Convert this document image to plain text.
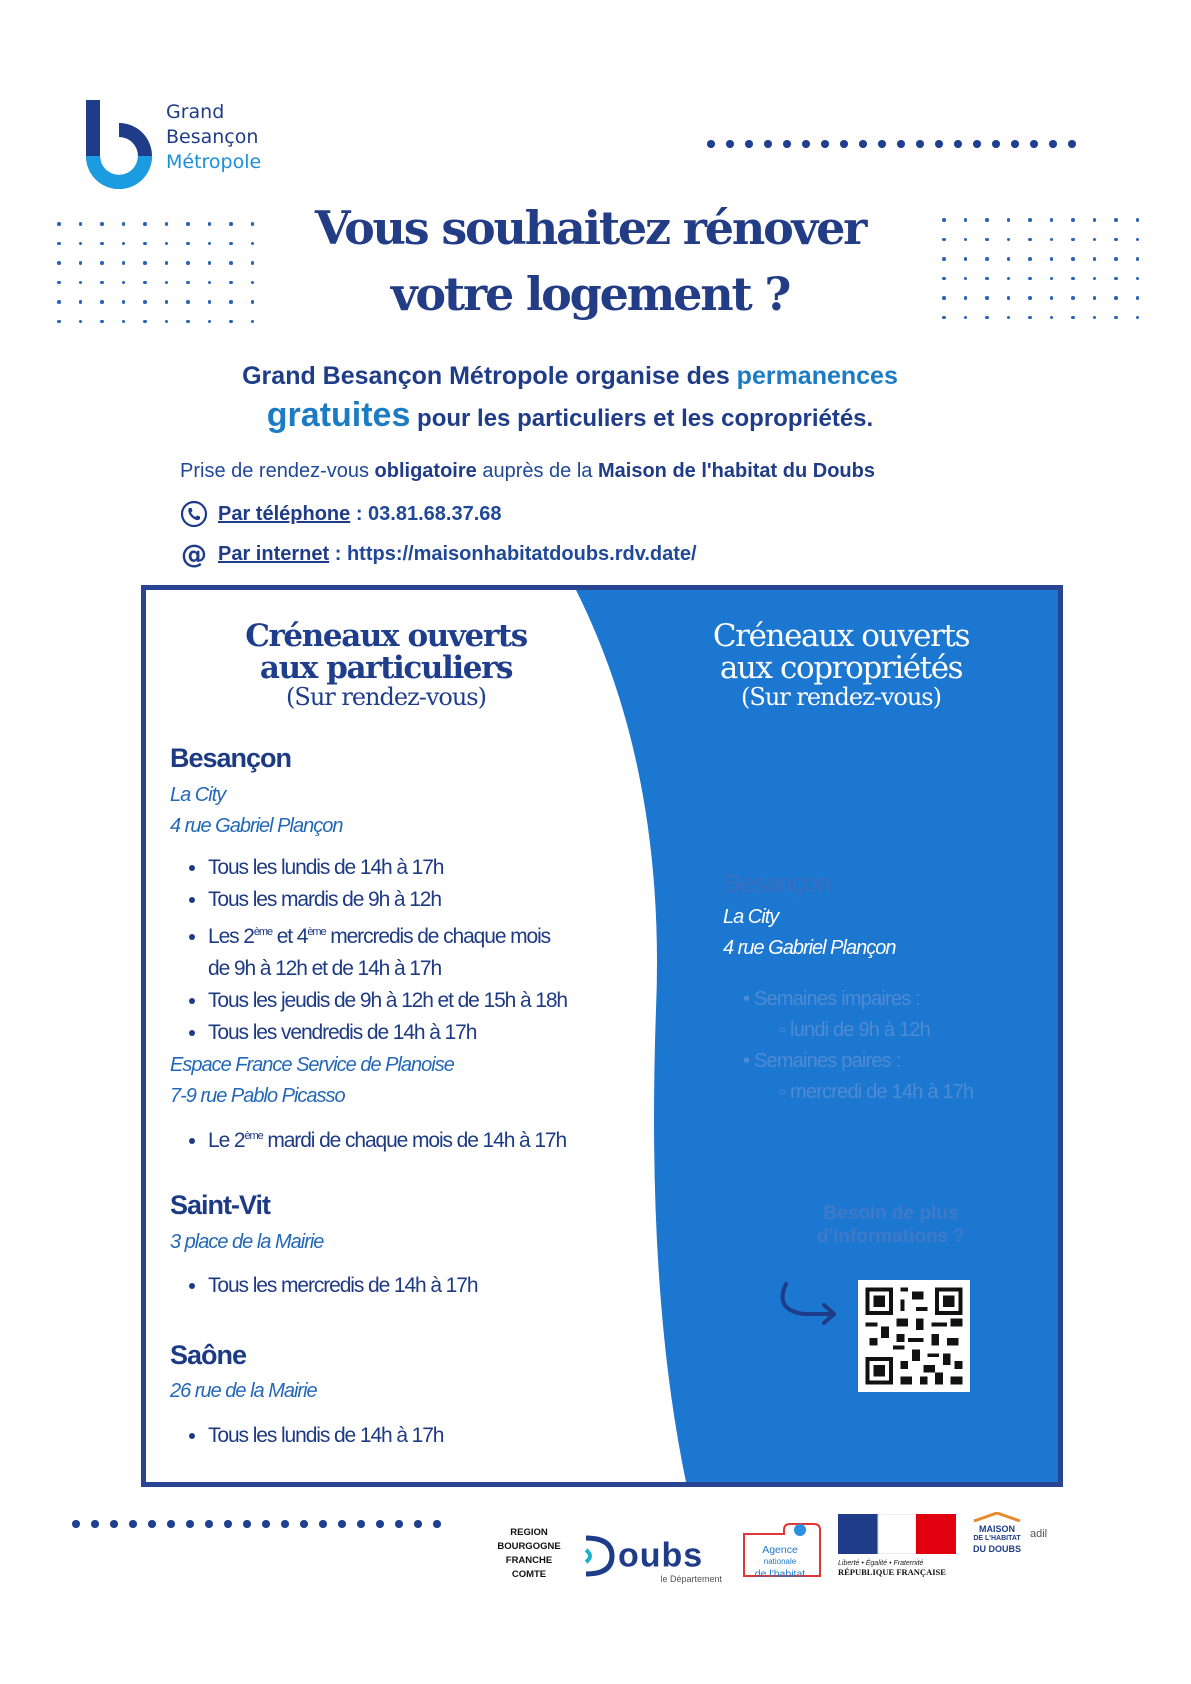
Grand
Besançon
Métropole
Vous souhaitez rénover
votre logement ?
Grand Besançon Métropole organise des permanences
gratuites pour les particuliers et les copropriétés.
Prise de rendez-vous obligatoire auprès de la Maison de l'habitat du Doubs
Par téléphone : 03.81.68.37.68
@ Par internet : https://maisonhabitatdoubs.rdv.date/
Créneaux ouverts
aux particuliers
(Sur rendez-vous)
Créneaux ouverts
aux copropriétés
(Sur rendez-vous)
Besançon
La City
4 rue Gabriel Plançon
• Tous les lundis de 14h à 17h
• Tous les mardis de 9h à 12h
• Les 2ème et 4ème mercredis de chaque mois
de 9h à 12h et de 14h à 17h
• Tous les jeudis de 9h à 12h et de 15h à 18h
• Tous les vendredis de 14h à 17h
Espace France Service de Planoise
7-9 rue Pablo Picasso
• Le 2ème mardi de chaque mois de 14h à 17h
Saint-Vit
3 place de la Mairie
• Tous les mercredis de 14h à 17h
Saône
26 rue de la Mairie
• Tous les lundis de 14h à 17h
Besançon
La City
4 rue Gabriel Plançon
• Semaines impaires :
◦ lundi de 9h à 12h
• Semaines paires :
◦ mercredi de 14h à 17h
Besoin de plus
d'informations ?
REGION
BOURGOGNE
FRANCHE
COMTE	oubs
le Département
Agence
nationale
de l'habitat
Liberté • Égalité • Fraternité
RÉPUBLIQUE FRANÇAISE
MAISON
DE L'HABITAT
DU DOUBS
adil
